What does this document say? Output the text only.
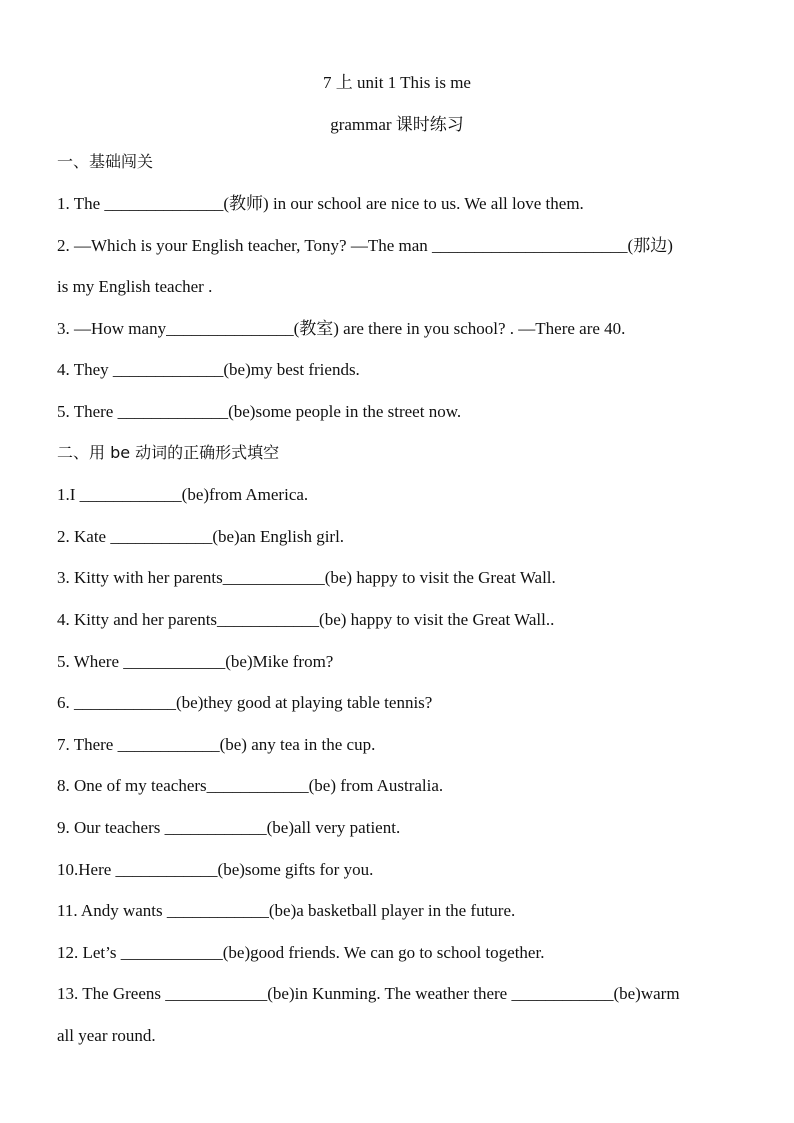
7 上 unit 1 This is me
grammar 课时练习
一、基础闯关
1. The ______________(教师) in our school are nice to us. We all love them.
2. —Which is your English teacher, Tony? —The man _______________________(那边)
is my English teacher .
3. —How many_______________(教室) are there in you school? . —There are 40.
4. They _____________(be)my best friends.
5. There _____________(be)some people in the street now.
二、用 be 动词的正确形式填空
1.I ____________(be)from America.
2. Kate ____________(be)an English girl.
3. Kitty with her parents____________(be) happy to visit the Great Wall.
4. Kitty and her parents____________(be) happy to visit the Great Wall..
5. Where ____________(be)Mike from?
6. ____________(be)they good at playing table tennis?
7. There ____________(be) any tea in the cup.
8. One of my teachers____________(be) from Australia.
9. Our teachers ____________(be)all very patient.
10.Here ____________(be)some gifts for you.
11. Andy wants ____________(be)a basketball player in the future.
12. Let’s ____________(be)good friends. We can go to school together.
13. The Greens ____________(be)in Kunming. The weather there ____________(be)warm
all year round.
